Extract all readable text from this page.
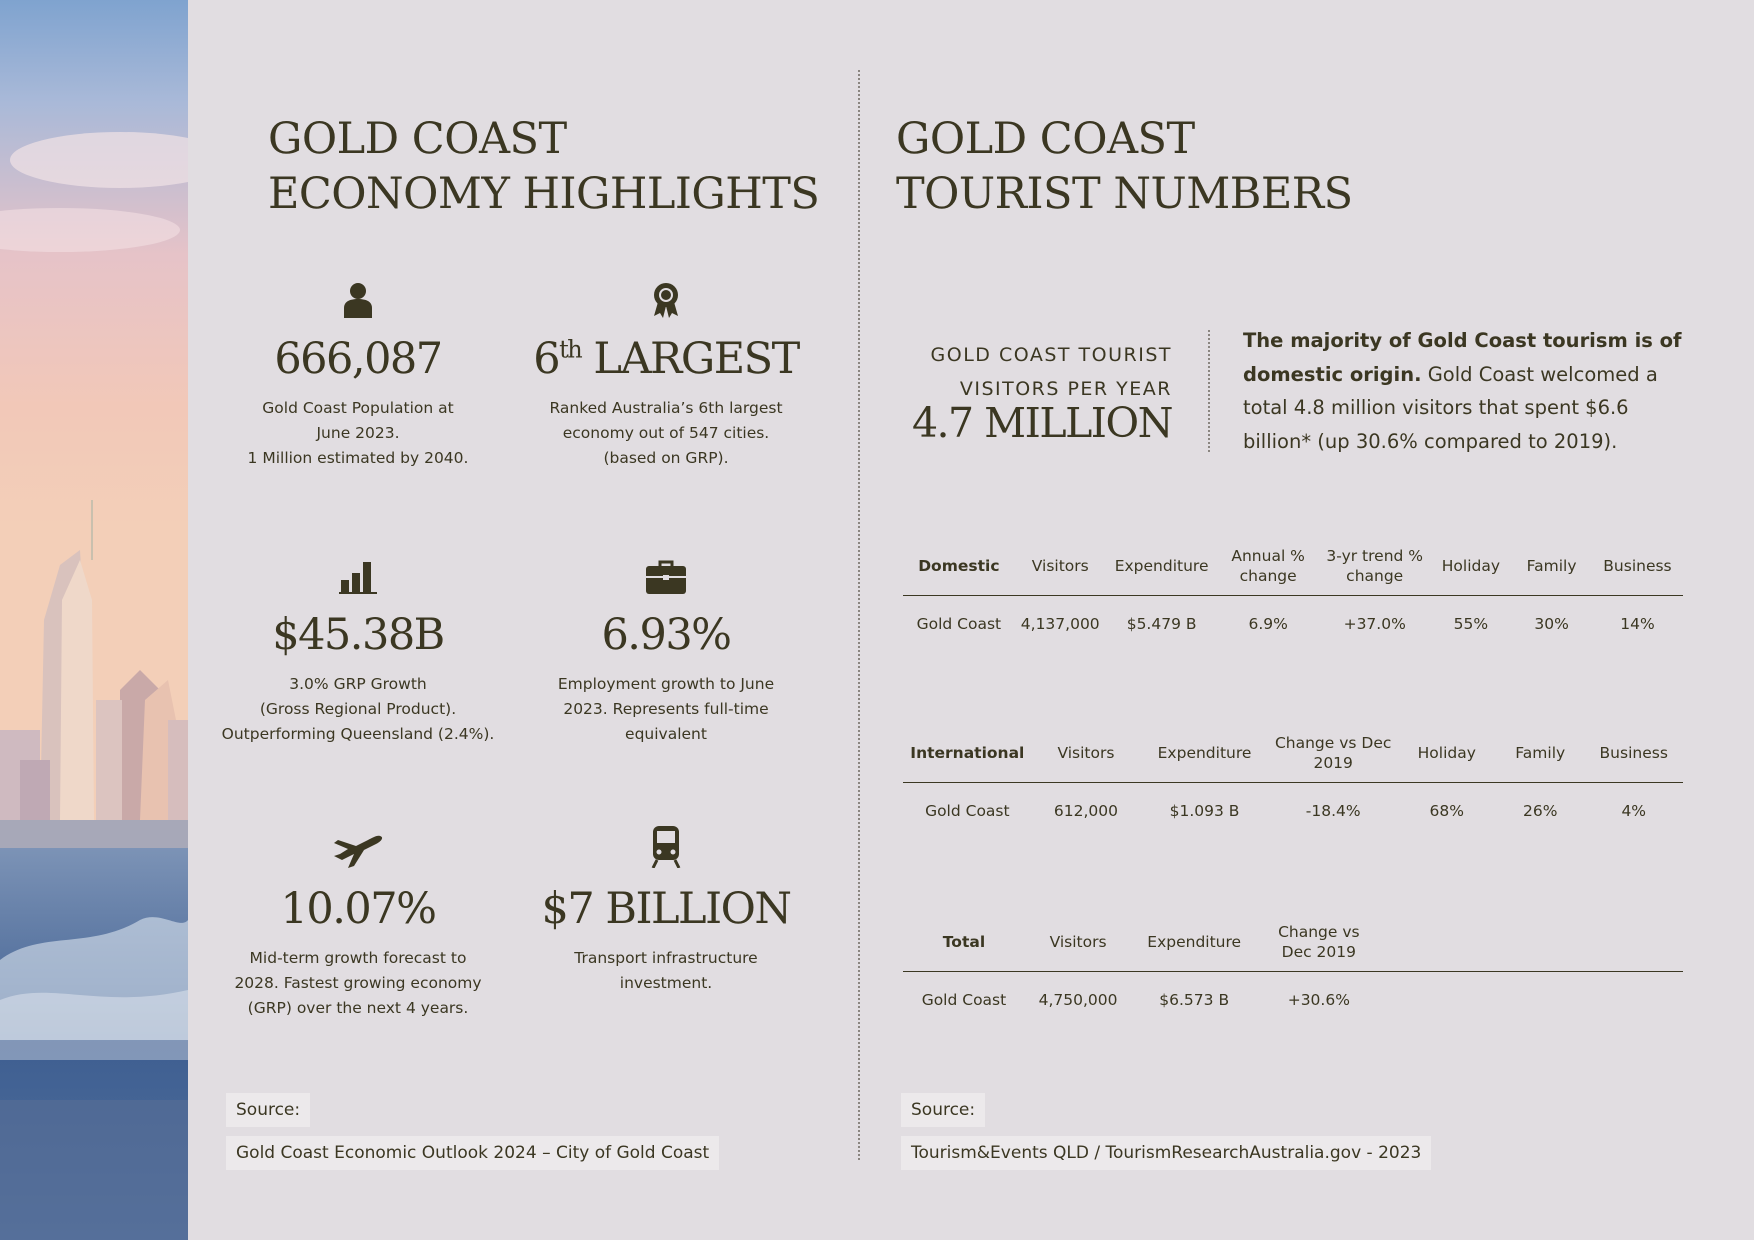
GOLD COAST
ECONOMY HIGHLIGHTS
666,087
Gold Coast Population at
June 2023.
1 Million estimated by 2040.
6th LARGEST
Ranked Australia’s 6th largest
economy out of 547 cities.
(based on GRP).
$45.38B
3.0% GRP Growth
(Gross Regional Product).
Outperforming Queensland (2.4%).
6.93%
Employment growth to June
2023. Represents full-time
equivalent
10.07%
Mid-term growth forecast to
2028. Fastest growing economy
(GRP) over the next 4 years.
$7 BILLION
Transport infrastructure
investment.
Source:
Gold Coast Economic Outlook 2024 – City of Gold Coast
GOLD COAST
TOURIST NUMBERS
GOLD COAST TOURIST
VISITORS PER YEAR
4.7 MILLION
The majority of Gold Coast tourism is of domestic origin. Gold Coast welcomed a total 4.8 million visitors that spent $6.6 billion* (up 30.6% compared to 2019).
Domestic	Visitors	Expenditure	Annual % change	3-yr trend % change	Holiday	Family	Business
Gold Coast	4,137,000	$5.479 B	6.9%	+37.0%	55%	30%	14%
International	Visitors	Expenditure	Change vs Dec 2019	Holiday	Family	Business
Gold Coast	612,000	$1.093 B	-18.4%	68%	26%	4%
Total	Visitors	Expenditure	Change vs Dec 2019	
Gold Coast	4,750,000	$6.573 B	+30.6%	
Source:
Tourism&Events QLD / TourismResearchAustralia.gov - 2023
